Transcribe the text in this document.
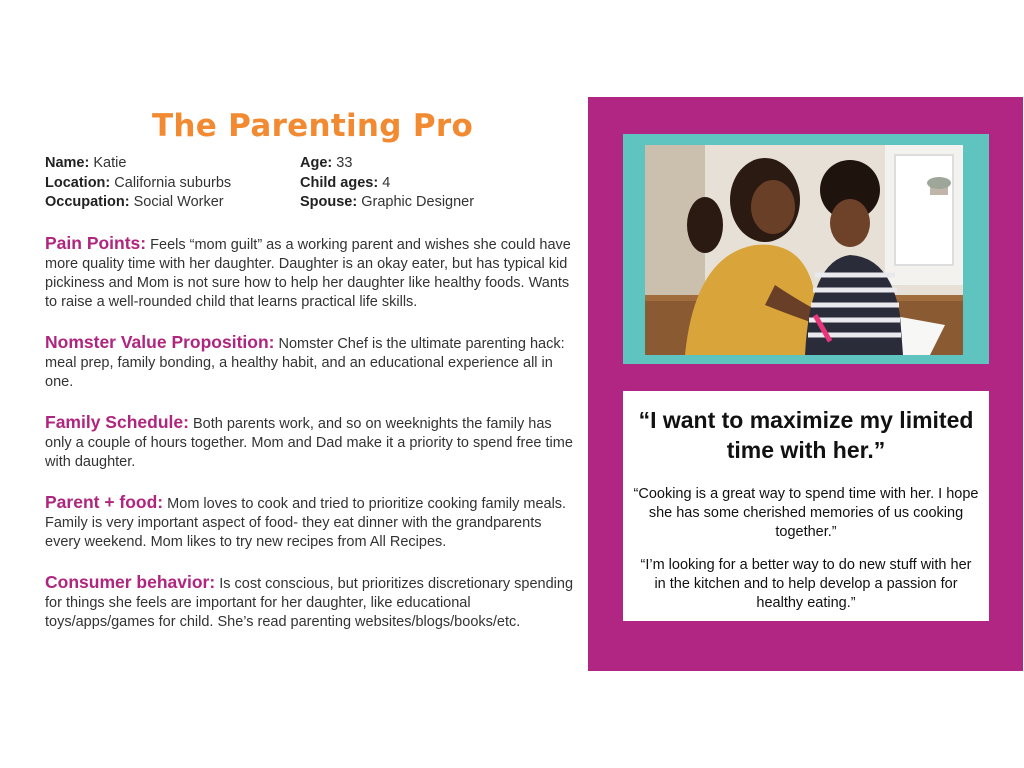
The Parenting Pro
Name: Katie	Age: 33
Location: California suburbs	Child ages: 4
Occupation: Social Worker	Spouse: Graphic Designer
Pain Points: Feels “mom guilt” as a working parent and wishes she could have more quality time with her daughter. Daughter is an okay eater, but has typical kid pickiness and Mom is not sure how to help her daughter like healthy foods. Wants to raise a well-rounded child that learns practical life skills.
Nomster Value Proposition: Nomster Chef is the ultimate parenting hack: meal prep, family bonding, a healthy habit, and an educational experience all in one.
Family Schedule: Both parents work, and so on weeknights the family has only a couple of hours together. Mom and Dad make it a priority to spend free time with daughter.
Parent + food: Mom loves to cook and tried to prioritize cooking family meals. Family is very important aspect of food- they eat dinner with the grandparents every weekend. Mom likes to try new recipes from All Recipes.
Consumer behavior: Is cost conscious, but prioritizes discretionary spending for things she feels are important for her daughter, like educational toys/apps/games for child. She’s read parenting websites/blogs/books/etc.
“I want to maximize my limited time with her.”
“Cooking is a great way to spend time with her. I hope she has some cherished memories of us cooking together.”
“I’m looking for a better way to do new stuff with her in the kitchen and to help develop a passion for healthy eating.”
